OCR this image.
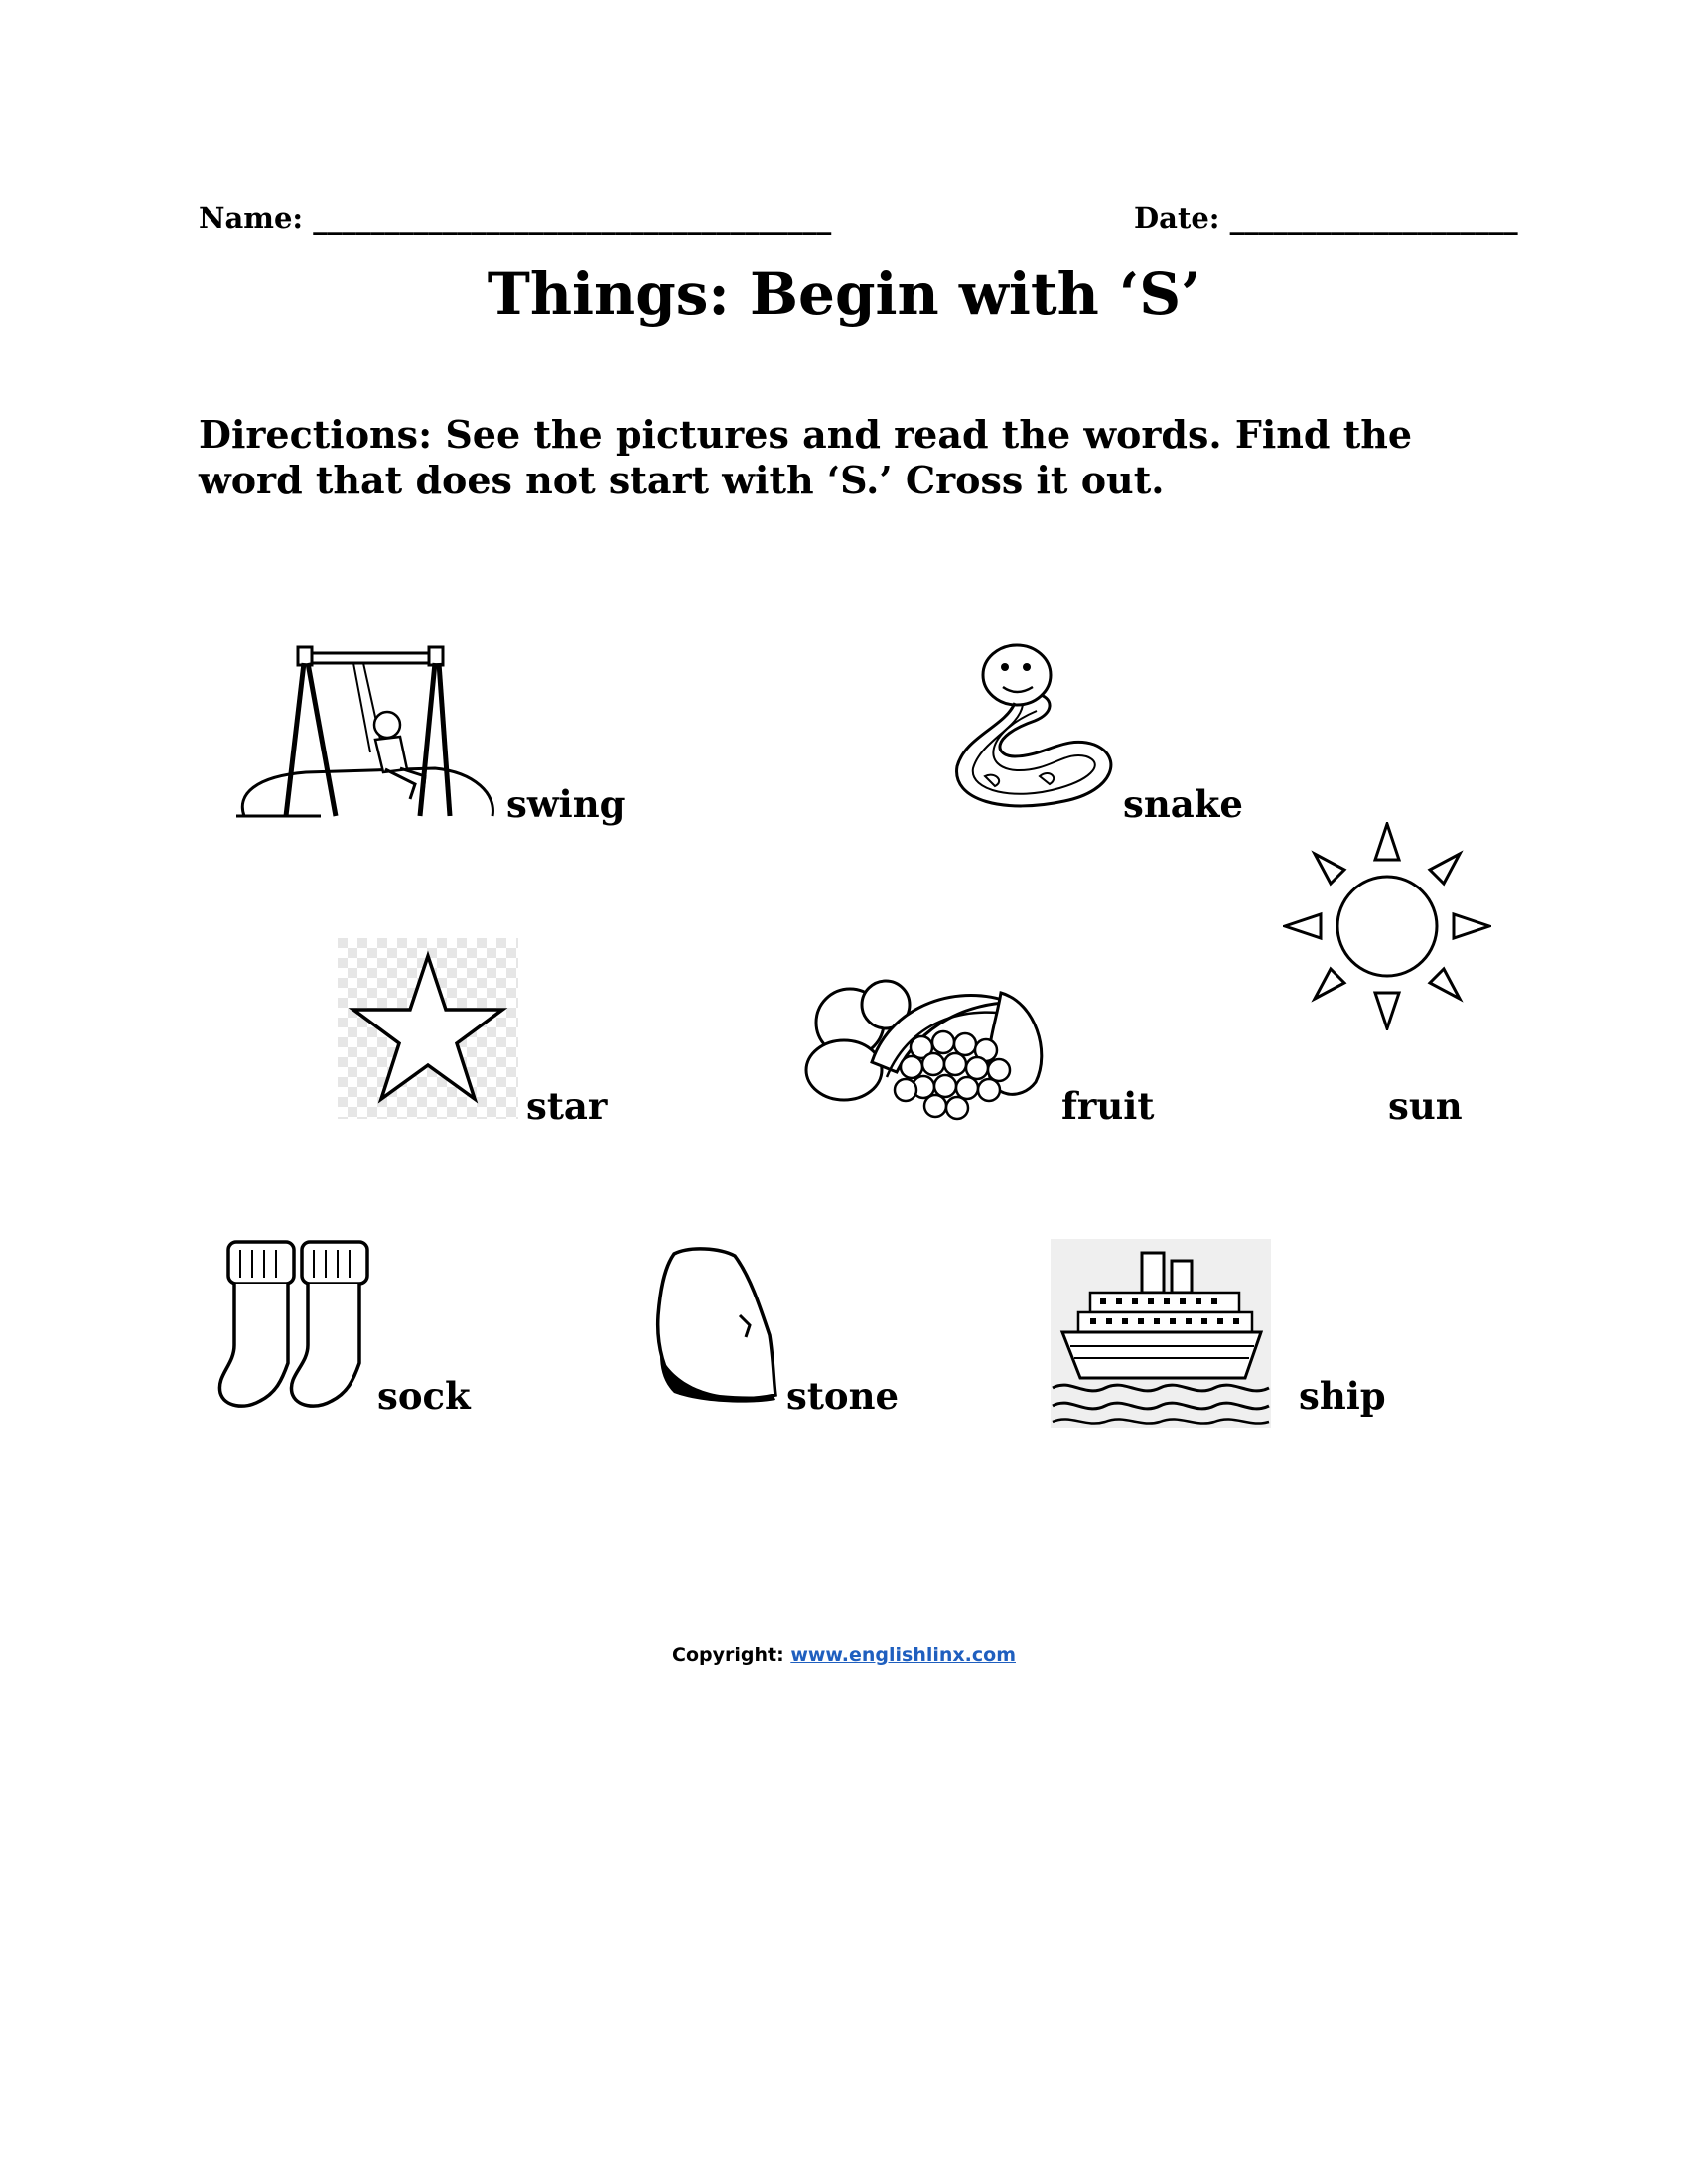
Name: ____________________________________	Date: ____________________
Things: Begin with ‘S’
Directions: See the pictures and read the words. Find the word that does not start with ‘S.’ Cross it out.
swing	snake
star	fruit	sun
sock	stone	ship
Copyright: www.englishlinx.com
